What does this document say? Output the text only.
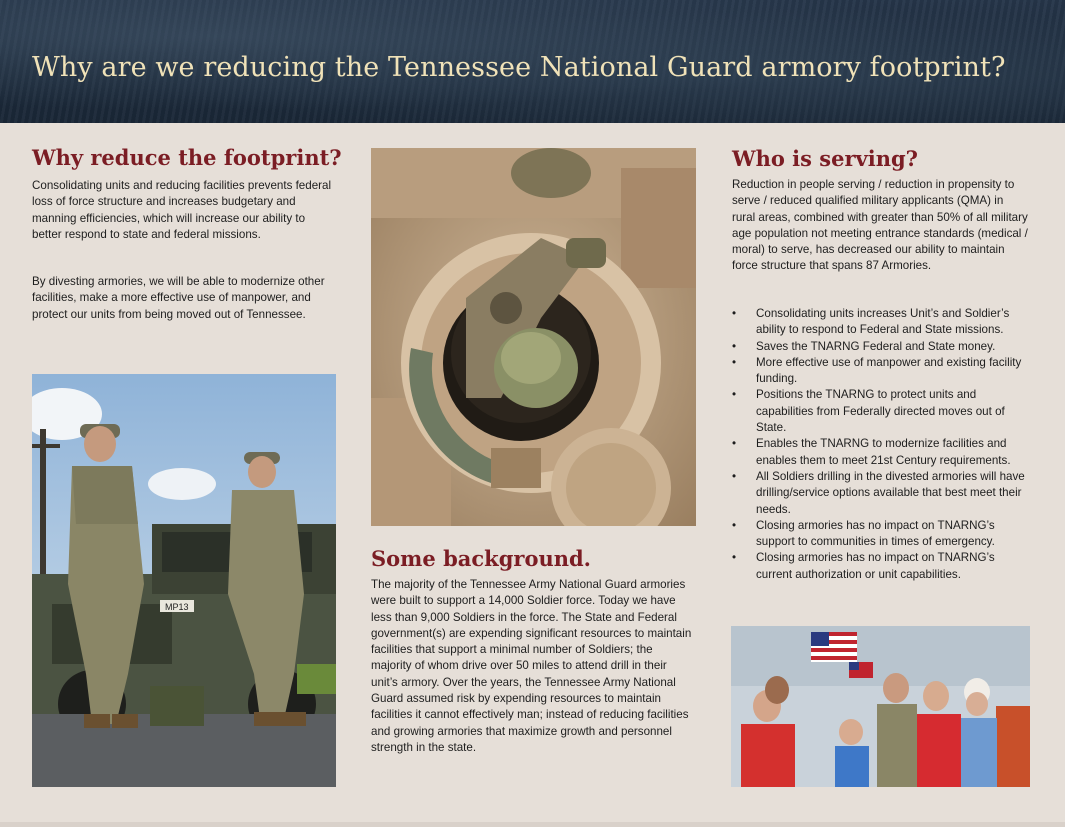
Why are we reducing the Tennessee National Guard armory footprint?
Why reduce the footprint?

Consolidating units and reducing facilities prevents federal loss of force structure and increases budgetary and manning efficiencies, which will increase our ability to better respond to state and federal missions.

By divesting armories, we will be able to modernize other facilities, make a more effective use of manpower, and protect our units from being moved out of Tennessee.

MP13
Some background.

The majority of the Tennessee Army National Guard armories were built to support a 14,000 Soldier force. Today we have less than 9,000 Soldiers in the force. The State and Federal government(s) are expending significant resources to maintain facilities that support a minimal number of Soldiers; the majority of whom drive over 50 miles to attend drill in their unit’s armory. Over the years, the Tennessee Army National Guard assumed risk by expending resources to maintain facilities it cannot effectively man; instead of reducing facilities and growing armories that maximize growth and personnel strength in the state.

Who is serving?

Reduction in people serving / reduction in propensity to serve / reduced qualified military applicants (QMA) in rural areas, combined with greater than 50% of all military age population not meeting entrance standards (medical / moral) to serve, has decreased our ability to maintain force structure that spans 87 Armories.

• Consolidating units increases Unit’s and Soldier’s ability to respond to Federal and State missions.
• Saves the TNARNG Federal and State money.
• More effective use of manpower and existing facility funding.
• Positions the TNARNG to protect units and capabilities from Federally directed moves out of State.
• Enables the TNARNG to modernize facilities and enables them to meet 21st Century requirements.
• All Soldiers drilling in the divested armories will have drilling/service options available that best meet their needs.
• Closing armories has no impact on TNARNG’s support to communities in times of emergency.
• Closing armories has no impact on TNARNG’s current authorization or unit capabilities.
